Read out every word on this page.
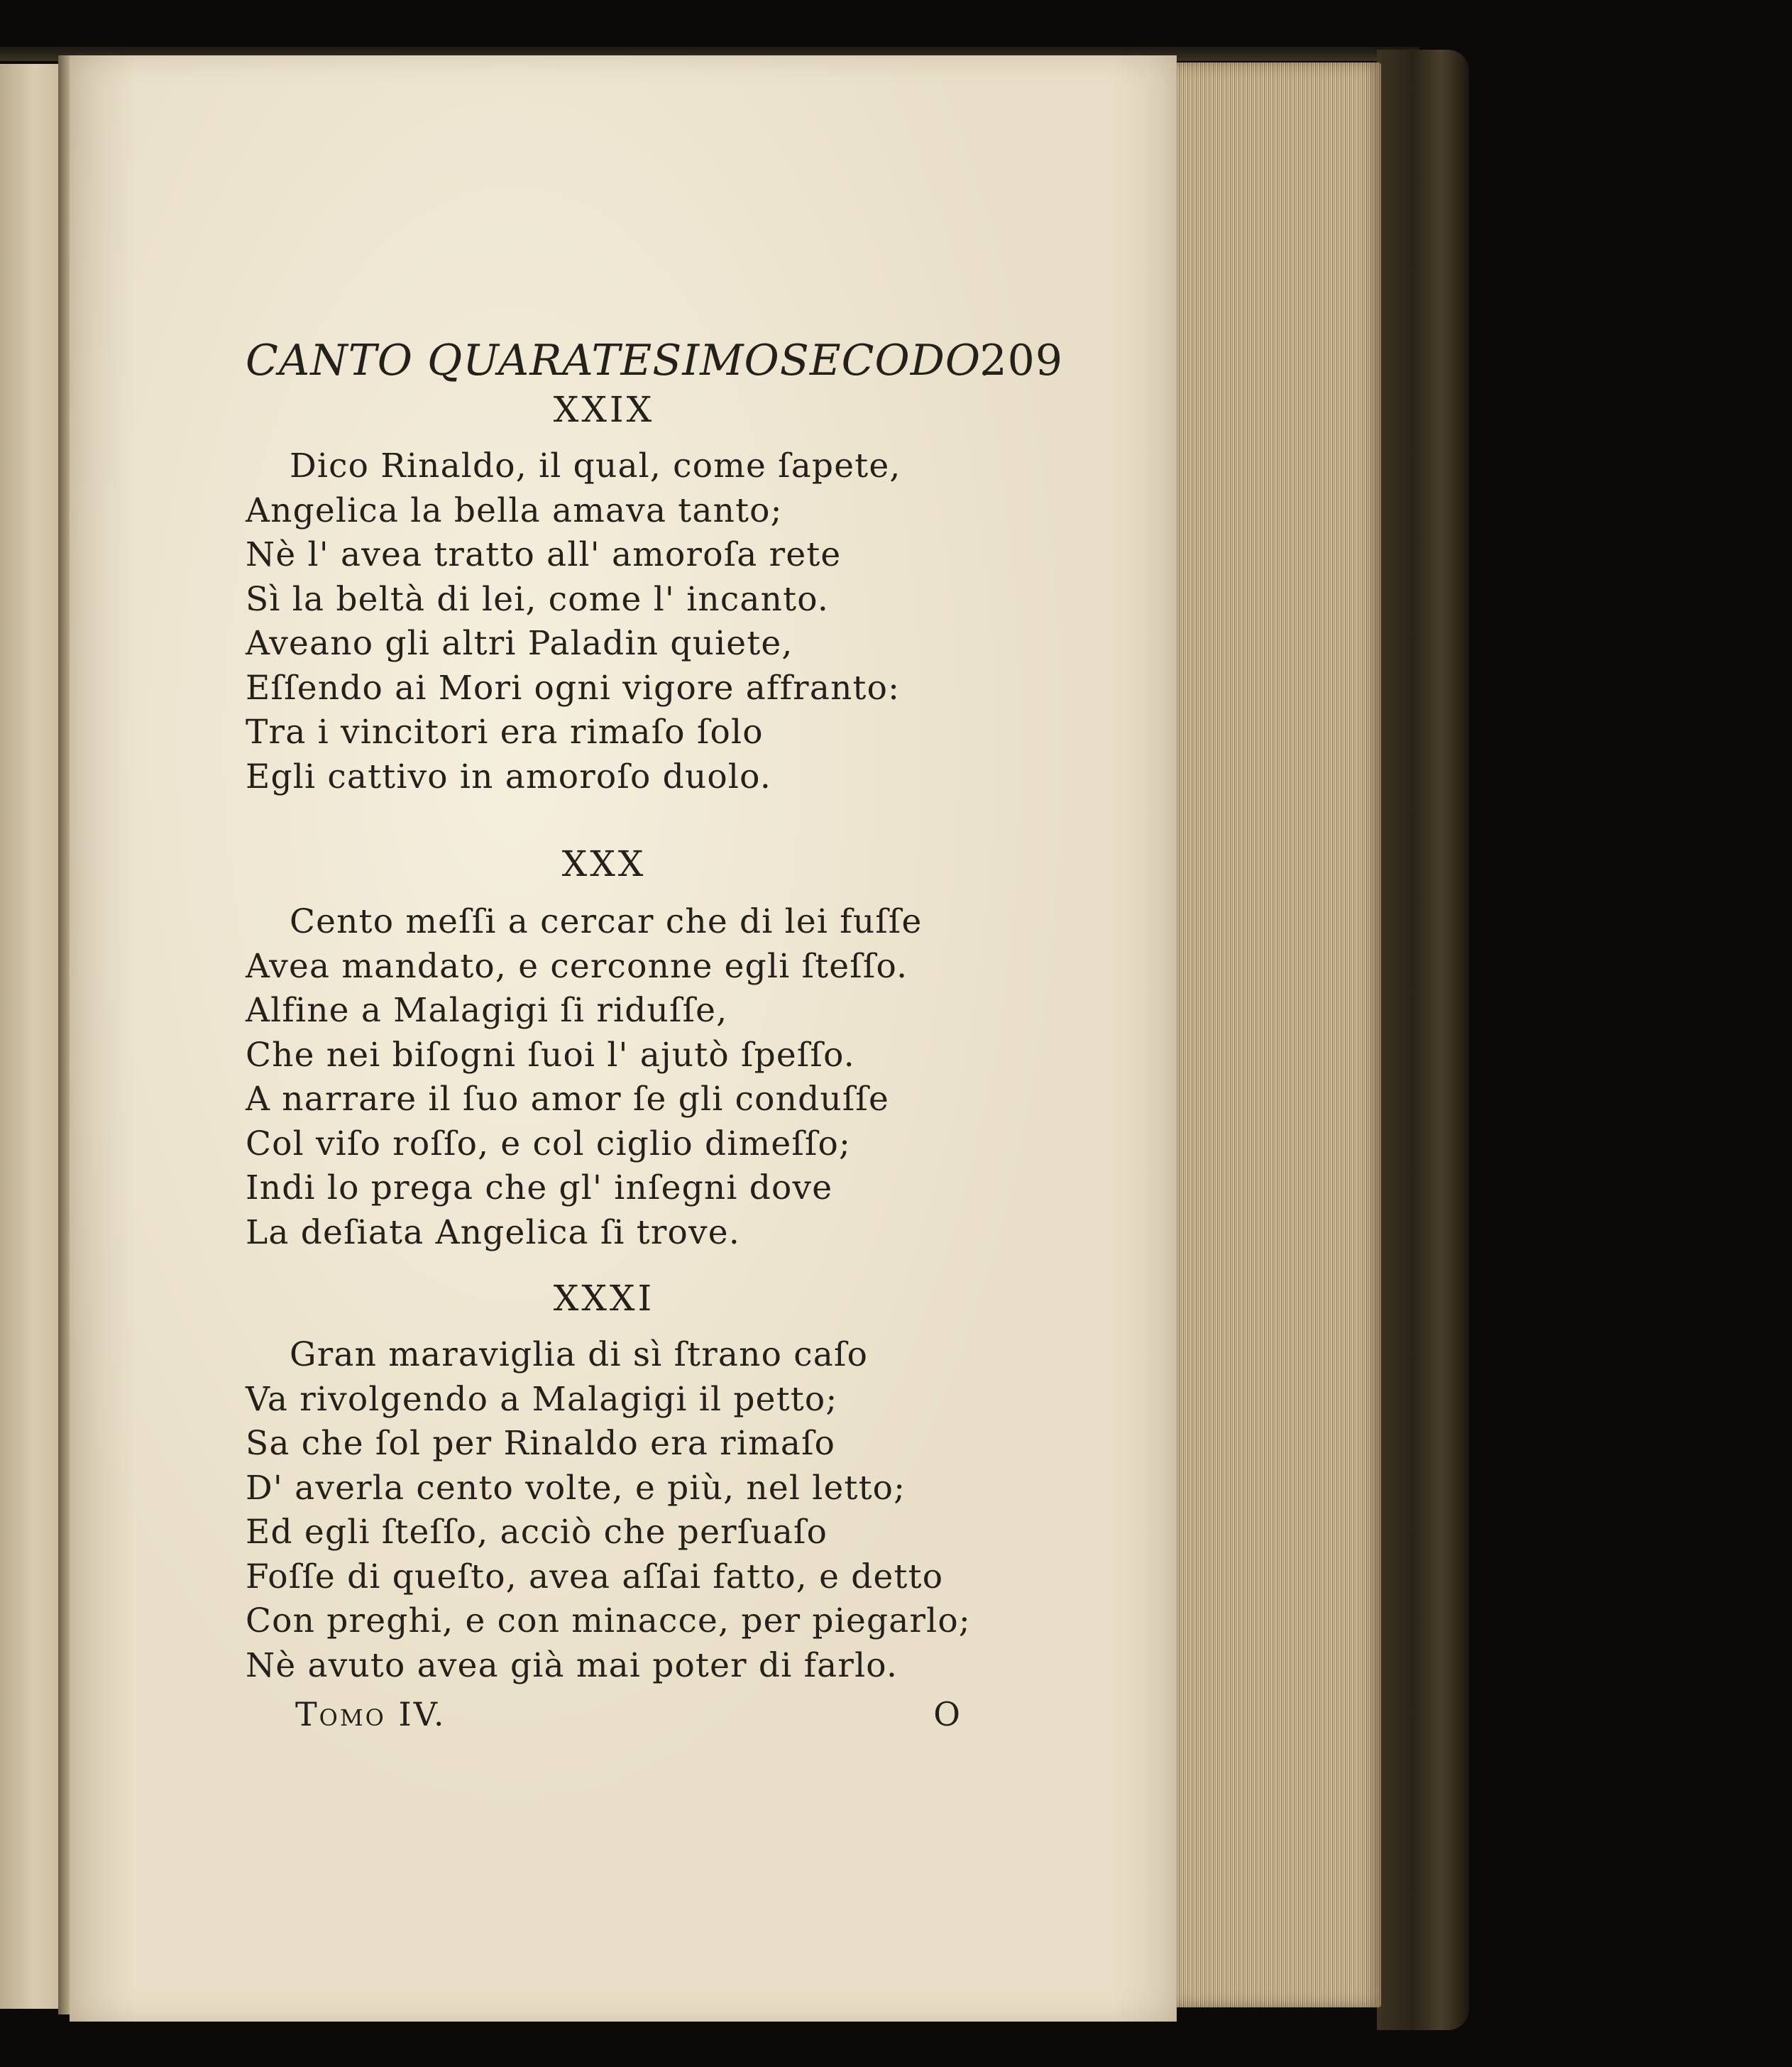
CANTO QUARATESIMOSECODO.
209
XXIX
Dico Rinaldo, il qual, come ſapete,
Angelica la bella amava tanto;
Nè l' avea tratto all' amoroſa rete
Sì la beltà di lei, come l' incanto.
Aveano gli altri Paladin quiete,
Eſſendo ai Mori ogni vigore affranto:
Tra i vincitori era rimaſo ſolo
Egli cattivo in amoroſo duolo.
XXX
Cento meſſi a cercar che di lei fuſſe
Avea mandato, e cerconne egli ſteſſo.
Alfine a Malagigi ſi riduſſe,
Che nei biſogni ſuoi l' ajutò ſpeſſo.
A narrare il ſuo amor ſe gli conduſſe
Col viſo roſſo, e col ciglio dimeſſo;
Indi lo prega che gl' inſegni dove
La deſiata Angelica ſi trove.
XXXI
Gran maraviglia di sì ſtrano caſo
Va rivolgendo a Malagigi il petto;
Sa che ſol per Rinaldo era rimaſo
D' averla cento volte, e più, nel letto;
Ed egli ſteſſo, acciò che perſuaſo
Foſſe di queſto, avea aſſai fatto, e detto
Con preghi, e con minacce, per piegarlo;
Nè avuto avea già mai poter di farlo.
Tomo IV.	O
